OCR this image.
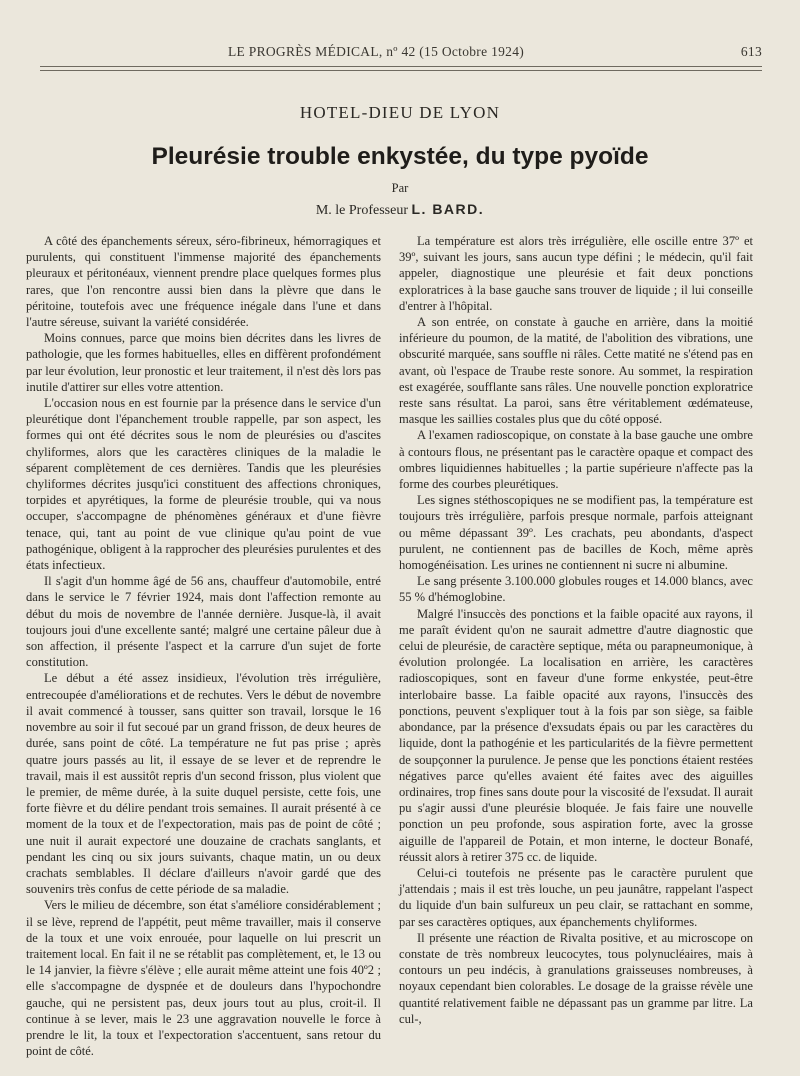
LE PROGRÈS MÉDICAL, nº 42 (15 Octobre 1924)	613
HOTEL-DIEU DE LYON
Pleurésie trouble enkystée, du type pyoïde
Par
M. le Professeur L. BARD.

A côté des épanchements séreux, séro-fibrineux, hémorragiques et purulents, qui constituent l'immense majorité des épanchements pleuraux et péritonéaux, viennent prendre place quelques formes plus rares, que l'on rencontre aussi bien dans la plèvre que dans le péritoine, toutefois avec une fréquence inégale dans l'une et dans l'autre séreuse, suivant la variété considérée.

Moins connues, parce que moins bien décrites dans les livres de pathologie, que les formes habituelles, elles en diffèrent profondément par leur évolution, leur pronostic et leur traitement, il n'est dès lors pas inutile d'attirer sur elles votre attention.

L'occasion nous en est fournie par la présence dans le service d'un pleurétique dont l'épanchement trouble rappelle, par son aspect, les formes qui ont été décrites sous le nom de pleurésies ou d'ascites chyliformes, alors que les caractères cliniques de la maladie le séparent complètement de ces dernières. Tandis que les pleurésies chyliformes décrites jusqu'ici constituent des affections chroniques, torpides et apyrétiques, la forme de pleurésie trouble, qui va nous occuper, s'accompagne de phénomènes généraux et d'une fièvre tenace, qui, tant au point de vue clinique qu'au point de vue pathogénique, obligent à la rapprocher des pleurésies purulentes et des états infectieux.

Il s'agit d'un homme âgé de 56 ans, chauffeur d'automobile, entré dans le service le 7 février 1924, mais dont l'affection remonte au début du mois de novembre de l'année dernière. Jusque-là, il avait toujours joui d'une excellente santé; malgré une certaine pâleur due à son affection, il présente l'aspect et la carrure d'un sujet de forte constitution.

Le début a été assez insidieux, l'évolution très irrégulière, entrecoupée d'améliorations et de rechutes. Vers le début de novembre il avait commencé à tousser, sans quitter son travail, lorsque le 16 novembre au soir il fut secoué par un grand frisson, de deux heures de durée, sans point de côté. La température ne fut pas prise ; après quatre jours passés au lit, il essaye de se lever et de reprendre le travail, mais il est aussitôt repris d'un second frisson, plus violent que le premier, de même durée, à la suite duquel persiste, cette fois, une forte fièvre et du délire pendant trois semaines. Il aurait présenté à ce moment de la toux et de l'expectoration, mais pas de point de côté ; une nuit il aurait expectoré une douzaine de crachats sanglants, et pendant les cinq ou six jours suivants, chaque matin, un ou deux crachats semblables. Il déclare d'ailleurs n'avoir gardé que des souvenirs très confus de cette période de sa maladie.

Vers le milieu de décembre, son état s'améliore considérablement ; il se lève, reprend de l'appétit, peut même travailler, mais il conserve de la toux et une voix enrouée, pour laquelle on lui prescrit un traitement local. En fait il ne se rétablit pas complètement, et, le 13 ou le 14 janvier, la fièvre s'élève ; elle aurait même atteint une fois 40º2 ; elle s'accompagne de dyspnée et de douleurs dans l'hypochondre gauche, qui ne persistent pas, deux jours tout au plus, croit-il. Il continue à se lever, mais le 23 une aggravation nouvelle le force à prendre le lit, la toux et l'expectoration s'accentuent, sans retour du point de côté.

La température est alors très irrégulière, elle oscille entre 37º et 39º, suivant les jours, sans aucun type défini ; le médecin, qu'il fait appeler, diagnostique une pleurésie et fait deux ponctions exploratrices à la base gauche sans trouver de liquide ; il lui conseille d'entrer à l'hôpital.

A son entrée, on constate à gauche en arrière, dans la moitié inférieure du poumon, de la matité, de l'abolition des vibrations, une obscurité marquée, sans souffle ni râles. Cette matité ne s'étend pas en avant, où l'espace de Traube reste sonore. Au sommet, la respiration est exagérée, soufflante sans râles. Une nouvelle ponction exploratrice reste sans résultat. La paroi, sans être véritablement œdémateuse, masque les saillies costales plus que du côté opposé.

A l'examen radioscopique, on constate à la base gauche une ombre à contours flous, ne présentant pas le caractère opaque et compact des ombres liquidiennes habituelles ; la partie supérieure n'affecte pas la forme des courbes pleurétiques.

Les signes stéthoscopiques ne se modifient pas, la température est toujours très irrégulière, parfois presque normale, parfois atteignant ou même dépassant 39º. Les crachats, peu abondants, d'aspect purulent, ne contiennent pas de bacilles de Koch, même après homogénéisation. Les urines ne contiennent ni sucre ni albumine.

Le sang présente 3.100.000 globules rouges et 14.000 blancs, avec 55 % d'hémoglobine.

Malgré l'insuccès des ponctions et la faible opacité aux rayons, il me paraît évident qu'on ne saurait admettre d'autre diagnostic que celui de pleurésie, de caractère septique, méta ou parapneumonique, à évolution prolongée. La localisation en arrière, les caractères radioscopiques, sont en faveur d'une forme enkystée, peut-être interlobaire basse. La faible opacité aux rayons, l'insuccès des ponctions, peuvent s'expliquer tout à la fois par son siège, sa faible abondance, par la présence d'exsudats épais ou par les caractères du liquide, dont la pathogénie et les particularités de la fièvre permettent de soupçonner la purulence. Je pense que les ponctions étaient restées négatives parce qu'elles avaient été faites avec des aiguilles ordinaires, trop fines sans doute pour la viscosité de l'exsudat. Il aurait pu s'agir aussi d'une pleurésie bloquée. Je fais faire une nouvelle ponction un peu profonde, sous aspiration forte, avec la grosse aiguille de l'appareil de Potain, et mon interne, le docteur Bonafé, réussit alors à retirer 375 cc. de liquide.

Celui-ci toutefois ne présente pas le caractère purulent que j'attendais ; mais il est très louche, un peu jaunâtre, rappelant l'aspect du liquide d'un bain sulfureux un peu clair, se rattachant en somme, par ses caractères optiques, aux épanchements chyliformes.

Il présente une réaction de Rivalta positive, et au microscope on constate de très nombreux leucocytes, tous polynucléaires, mais à contours un peu indécis, à granulations graisseuses nombreuses, à noyaux cependant bien colorables. Le dosage de la graisse révèle une quantité relativement faible ne dépassant pas un gramme par litre. La cul-,
